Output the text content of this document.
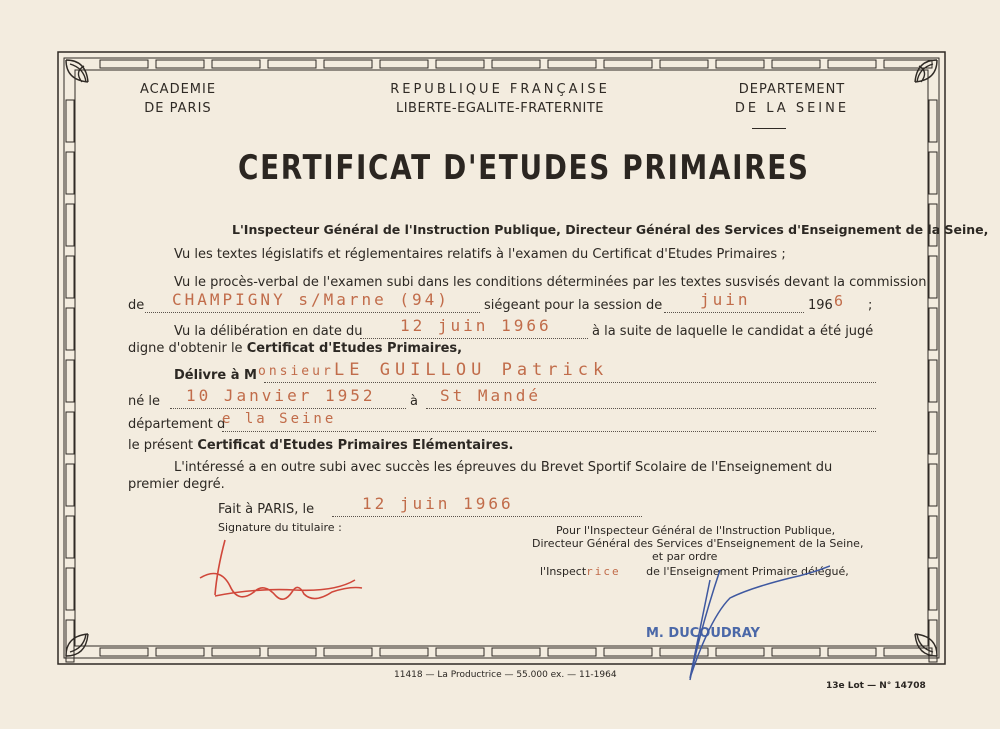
ACADEMIE
DE PARIS
REPUBLIQUE FRANÇAISE
LIBERTE-EGALITE-FRATERNITE
DEPARTEMENT
DE LA SEINE
CERTIFICAT D'ETUDES PRIMAIRES
L'Inspecteur Général de l'Instruction Publique, Directeur Général des Services d'Enseignement de la Seine,
Vu les textes législatifs et réglementaires relatifs à l'examen du Certificat d'Etudes Primaires ;
Vu le procès-verbal de l'examen subi dans les conditions déterminées par les textes susvisés devant la commission
de CHAMPIGNY s/Marne (94)	siégeant pour la session de juin	196 6 ;
Vu la délibération en date du 12 juin 1966	à la suite de laquelle le candidat a été jugé
digne d'obtenir le Certificat d'Etudes Primaires,
Délivre à M onsieur LE GUILLOU Patrick
né le 10 Janvier 1952	à St Mandé
département d
e la Seine
le présent Certificat d'Etudes Primaires Elémentaires.
L'intéressé a en outre subi avec succès les épreuves du Brevet Sportif Scolaire de l'Enseignement du
premier degré.
Fait à PARIS, le	12 juin 1966
Signature du titulaire :	Pour l'Inspecteur Général de l'Instruction Publique,
Directeur Général des Services d'Enseignement de la Seine,
et par ordre
l'Inspectrice de l'Enseignement Primaire délégué,
M. DUCOUDRAY
11418 — La Productrice — 55.000 ex. — 11-1964
13e Lot — N° 14708
